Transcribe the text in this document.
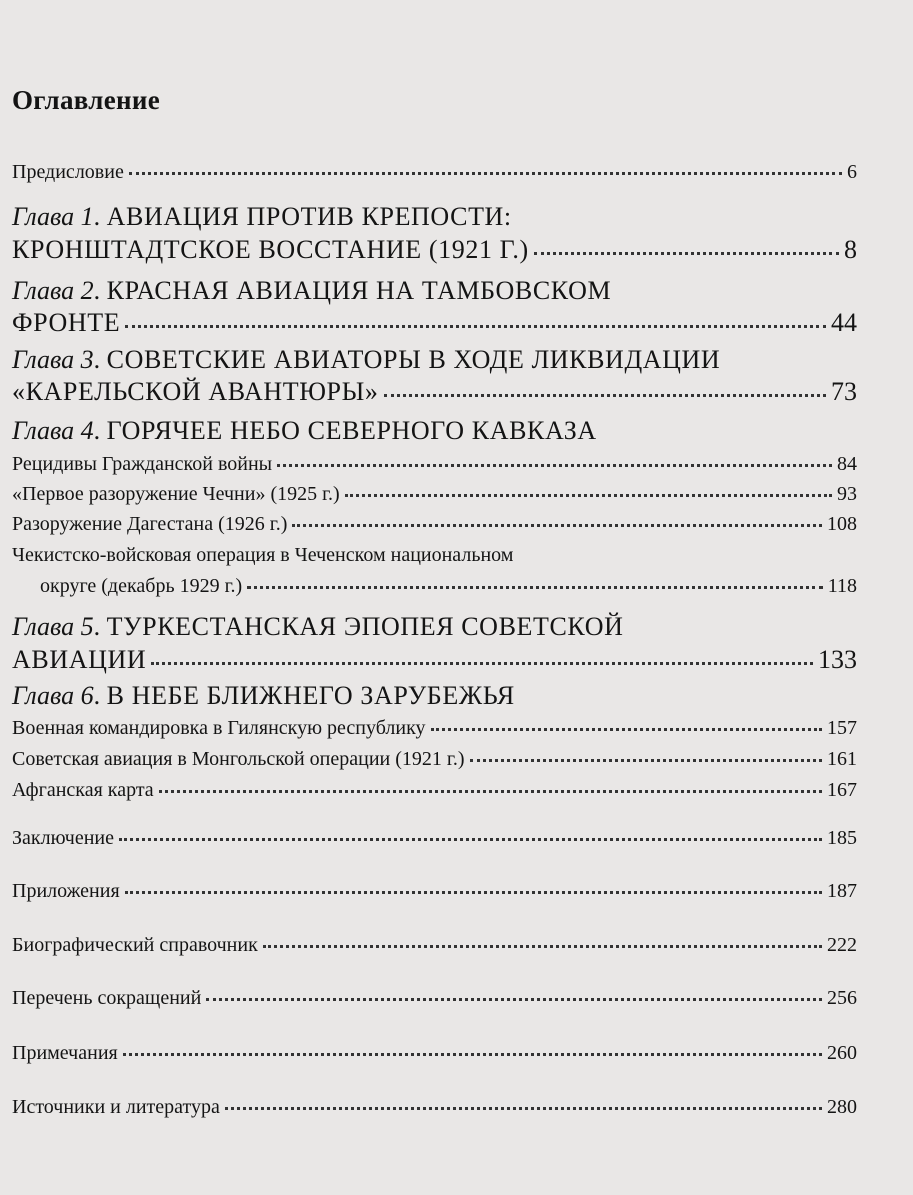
Оглавление
Предисловие	6
Глава 1. АВИАЦИЯ ПРОТИВ КРЕПОСТИ:
КРОНШТАДТСКОЕ ВОССТАНИЕ (1921 Г.)	8
Глава 2. КРАСНАЯ АВИАЦИЯ НА ТАМБОВСКОМ
ФРОНТЕ	44
Глава 3. СОВЕТСКИЕ АВИАТОРЫ В ХОДЕ ЛИКВИДАЦИИ
«КАРЕЛЬСКОЙ АВАНТЮРЫ»	73
Глава 4. ГОРЯЧЕЕ НЕБО СЕВЕРНОГО КАВКАЗА
Рецидивы Гражданской войны	84
«Первое разоружение Чечни» (1925 г.)	93
Разоружение Дагестана (1926 г.)	108
Чекистско-войсковая операция в Чеченском национальном
округе (декабрь 1929 г.)	118
Глава 5. ТУРКЕСТАНСКАЯ ЭПОПЕЯ СОВЕТСКОЙ
АВИАЦИИ	133
Глава 6. В НЕБЕ БЛИЖНЕГО ЗАРУБЕЖЬЯ
Военная командировка в Гилянскую республику	157
Советская авиация в Монгольской операции (1921 г.)	161
Афганская карта	167
Заключение	185
Приложения	187
Биографический справочник	222
Перечень сокращений	256
Примечания	260
Источники и литература	280
